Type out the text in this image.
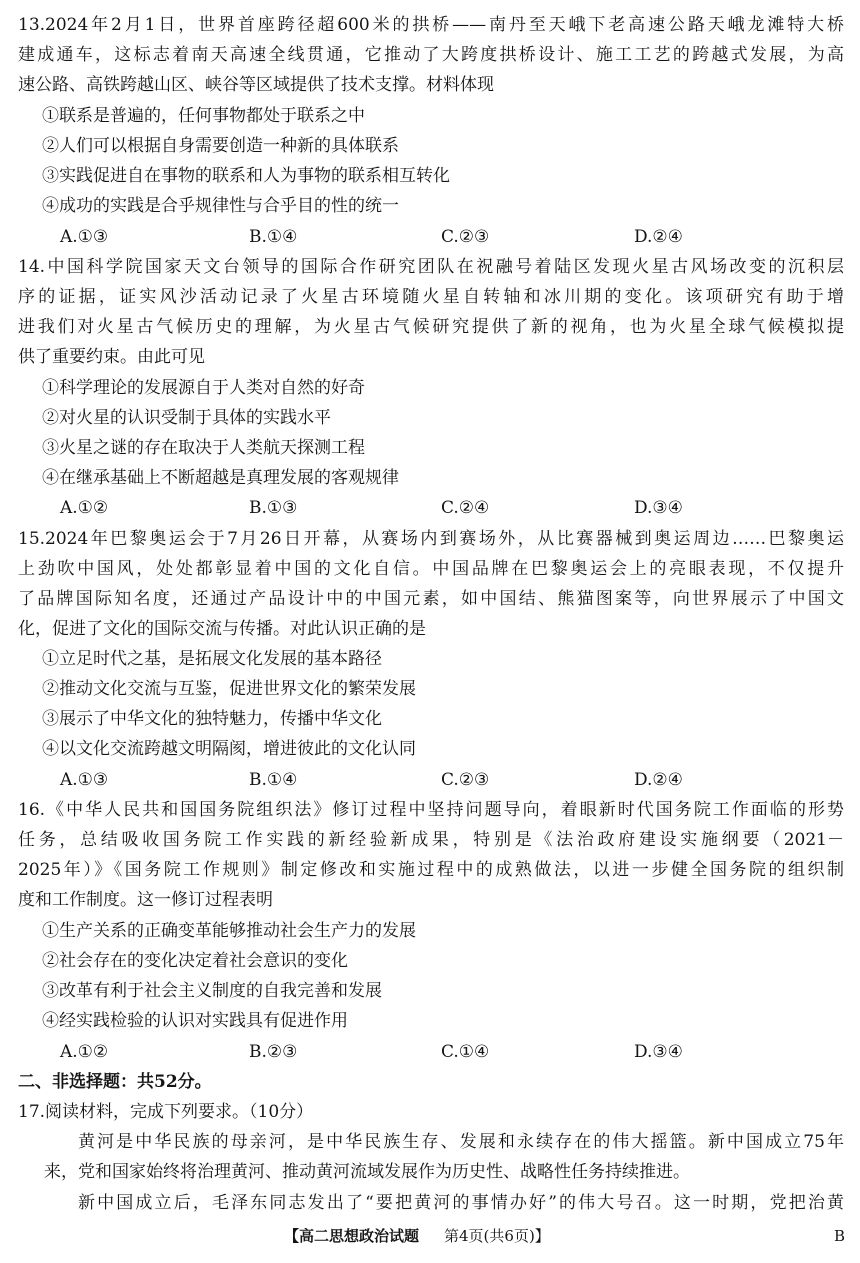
13.2024年2月1日，世界首座跨径超600米的拱桥——南丹至天峨下老高速公路天峨龙滩特大桥
建成通车，这标志着南天高速全线贯通，它推动了大跨度拱桥设计、施工工艺的跨越式发展，为高
速公路、高铁跨越山区、峡谷等区域提供了技术支撑。材料体现
①联系是普遍的，任何事物都处于联系之中
②人们可以根据自身需要创造一种新的具体联系
③实践促进自在事物的联系和人为事物的联系相互转化
④成功的实践是合乎规律性与合乎目的性的统一
A.①③	B.①④	C.②③	D.②④
14.中国科学院国家天文台领导的国际合作研究团队在祝融号着陆区发现火星古风场改变的沉积层
序的证据，证实风沙活动记录了火星古环境随火星自转轴和冰川期的变化。该项研究有助于增
进我们对火星古气候历史的理解，为火星古气候研究提供了新的视角，也为火星全球气候模拟提
供了重要约束。由此可见
①科学理论的发展源自于人类对自然的好奇
②对火星的认识受制于具体的实践水平
③火星之谜的存在取决于人类航天探测工程
④在继承基础上不断超越是真理发展的客观规律
A.①②	B.①③	C.②④	D.③④
15.2024年巴黎奥运会于7月26日开幕，从赛场内到赛场外，从比赛器械到奥运周边……巴黎奥运
上劲吹中国风，处处都彰显着中国的文化自信。中国品牌在巴黎奥运会上的亮眼表现，不仅提升
了品牌国际知名度，还通过产品设计中的中国元素，如中国结、熊猫图案等，向世界展示了中国文
化，促进了文化的国际交流与传播。对此认识正确的是
①立足时代之基，是拓展文化发展的基本路径
②推动文化交流与互鉴，促进世界文化的繁荣发展
③展示了中华文化的独特魅力，传播中华文化
④以文化交流跨越文明隔阂，增进彼此的文化认同
A.①③	B.①④	C.②③	D.②④
16.《中华人民共和国国务院组织法》修订过程中坚持问题导向，着眼新时代国务院工作面临的形势
任务，总结吸收国务院工作实践的新经验新成果，特别是《法治政府建设实施纲要（2021－
2025年）》《国务院工作规则》制定修改和实施过程中的成熟做法，以进一步健全国务院的组织制
度和工作制度。这一修订过程表明
①生产关系的正确变革能够推动社会生产力的发展
②社会存在的变化决定着社会意识的变化
③改革有利于社会主义制度的自我完善和发展
④经实践检验的认识对实践具有促进作用
A.①②	B.②③	C.①④	D.③④
二、非选择题：共52分。
17.阅读材料，完成下列要求。（10分）
黄河是中华民族的母亲河，是中华民族生存、发展和永续存在的伟大摇篮。新中国成立75年
来，党和国家始终将治理黄河、推动黄河流域发展作为历史性、战略性任务持续推进。
新中国成立后，毛泽东同志发出了“要把黄河的事情办好”的伟大号召。这一时期，党把治黄
【高二思想政治试题 第4页(共6页)】	B
